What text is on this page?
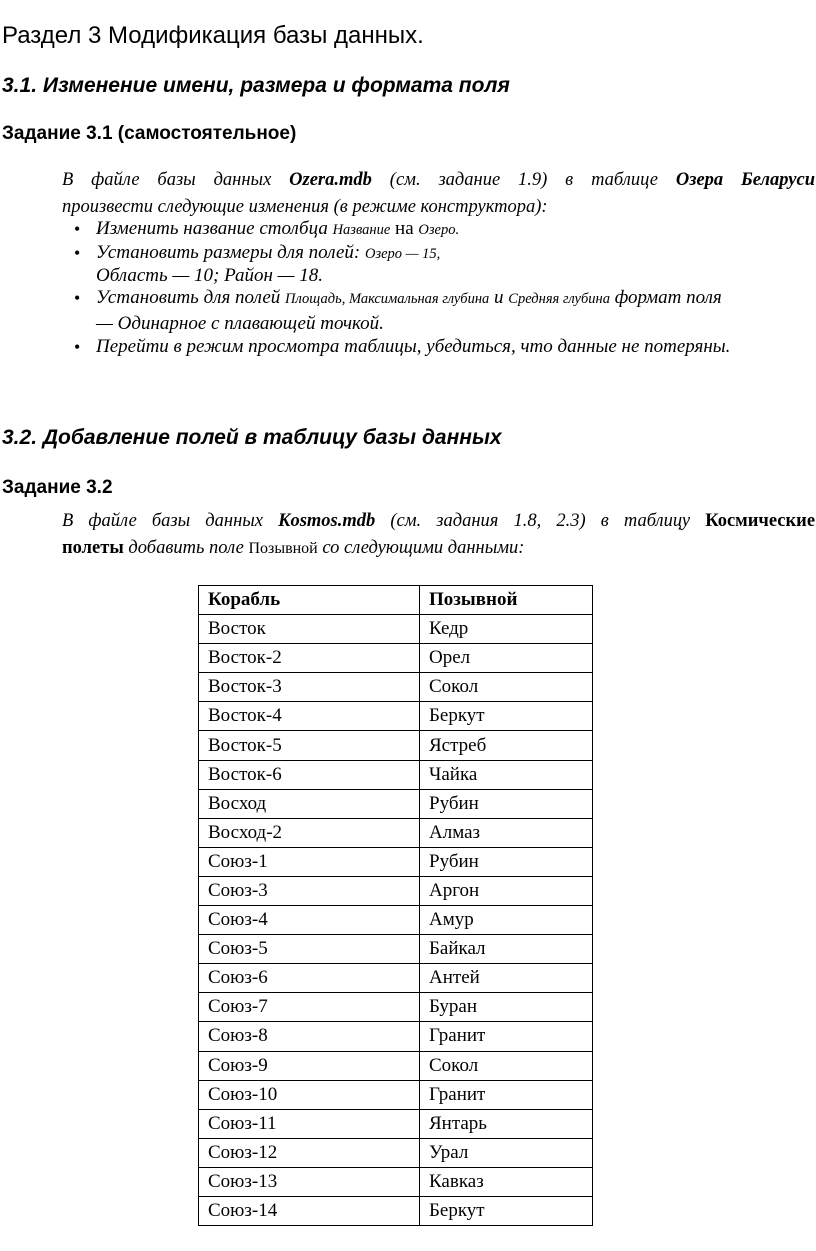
Раздел 3 Модификация базы данных.
3.1. Изменение имени, размера и формата поля
Задание 3.1 (самостоятельное)
В файле базы данных Ozera.mdb (см. задание 1.9) в таблице Озера Беларуси
произвести следующие изменения (в режиме конструктора):
• Изменить название столбца Название на Озеро.
• Установить размеры для полей: Озеро — 15,
Область — 10; Район — 18.
• Установить для полей Площадь, Максимальная глубина и Средняя глубина формат поля
— Одинарное с плавающей точкой.
• Перейти в режим просмотра таблицы, убедиться, что данные не потеряны.
3.2. Добавление полей в таблицу базы данных
Задание 3.2
В файле базы данных Kosmos.mdb (см. задания 1.8, 2.3) в таблицу Космические
полеты добавить поле Позывной со следующими данными:
Корабль	Позывной
Восток	Кедр
Восток-2	Орел
Восток-3	Сокол
Восток-4	Беркут
Восток-5	Ястреб
Восток-6	Чайка
Восход	Рубин
Восход-2	Алмаз
Союз-1	Рубин
Союз-3	Аргон
Союз-4	Амур
Союз-5	Байкал
Союз-6	Антей
Союз-7	Буран
Союз-8	Гранит
Союз-9	Сокол
Союз-10	Гранит
Союз-11	Янтарь
Союз-12	Урал
Союз-13	Кавказ
Союз-14	Беркут
